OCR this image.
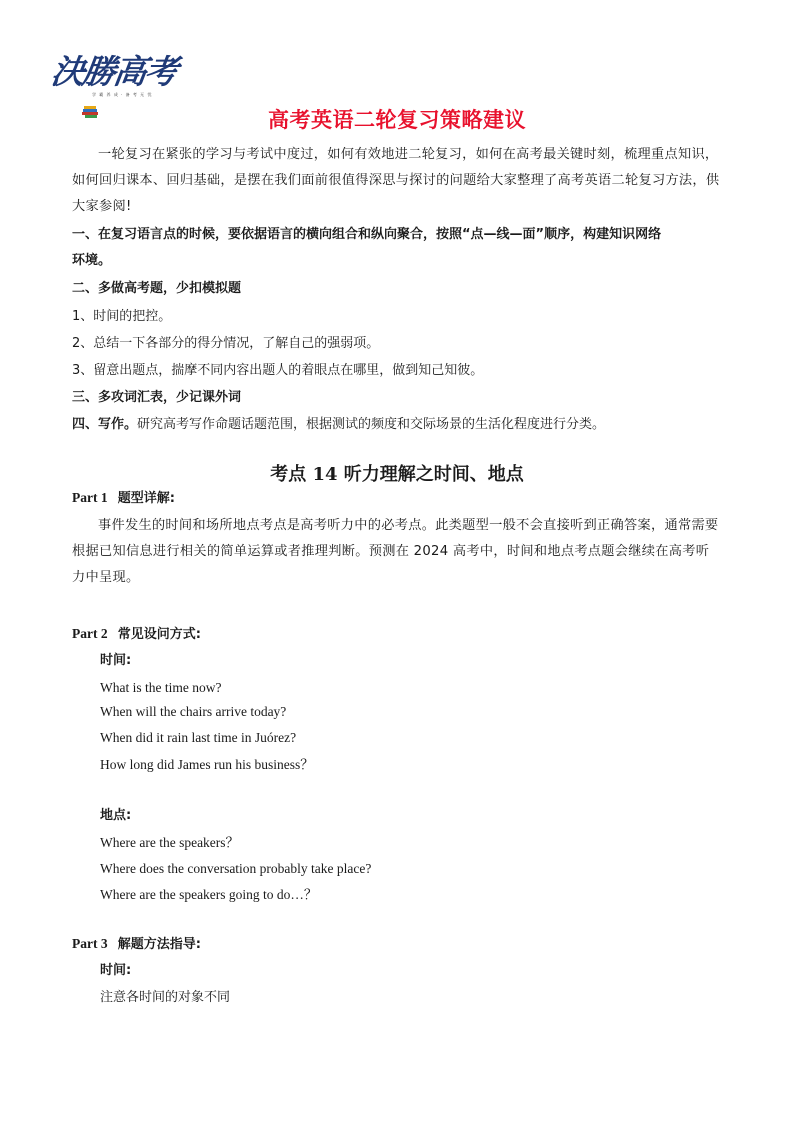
決勝高考
学 霸 养 成 · 备 考 无 忧
高考英语二轮复习策略建议
一轮复习在紧张的学习与考试中度过，如何有效地进二轮复习，如何在高考最关键时刻，梳理重点知识，如何回归课本、回归基础，是摆在我们面前很值得深思与探讨的问题给大家整理了高考英语二轮复习方法，供大家参阅!
一、在复习语言点的时候，要依据语言的横向组合和纵向聚合，按照“点—线—面”顺序，构建知识网络
环境。
二、多做高考题，少扣模拟题
1、时间的把控。
2、总结一下各部分的得分情况，了解自己的强弱项。
3、留意出题点，揣摩不同内容出题人的着眼点在哪里，做到知己知彼。
三、多攻词汇表，少记课外词
四、写作。研究高考写作命题话题范围，根据测试的频度和交际场景的生活化程度进行分类。
考点 14 听力理解之时间、地点
Part 1 题型详解:
事件发生的时间和场所地点考点是高考听力中的必考点。此类题型一般不会直接听到正确答案，通常需要根据已知信息进行相关的简单运算或者推理判断。预测在 2024 高考中，时间和地点考点题会继续在高考听力中呈现。
Part 2 常见设问方式:
时间:
What is the time now?
When will the chairs arrive today?
When did it rain last time in Juórez?
How long did James run his business？
地点:
Where are the speakers？
Where does the conversation probably take place?
Where are the speakers going to do…？
Part 3 解题方法指导:
时间:
注意各时间的对象不同
